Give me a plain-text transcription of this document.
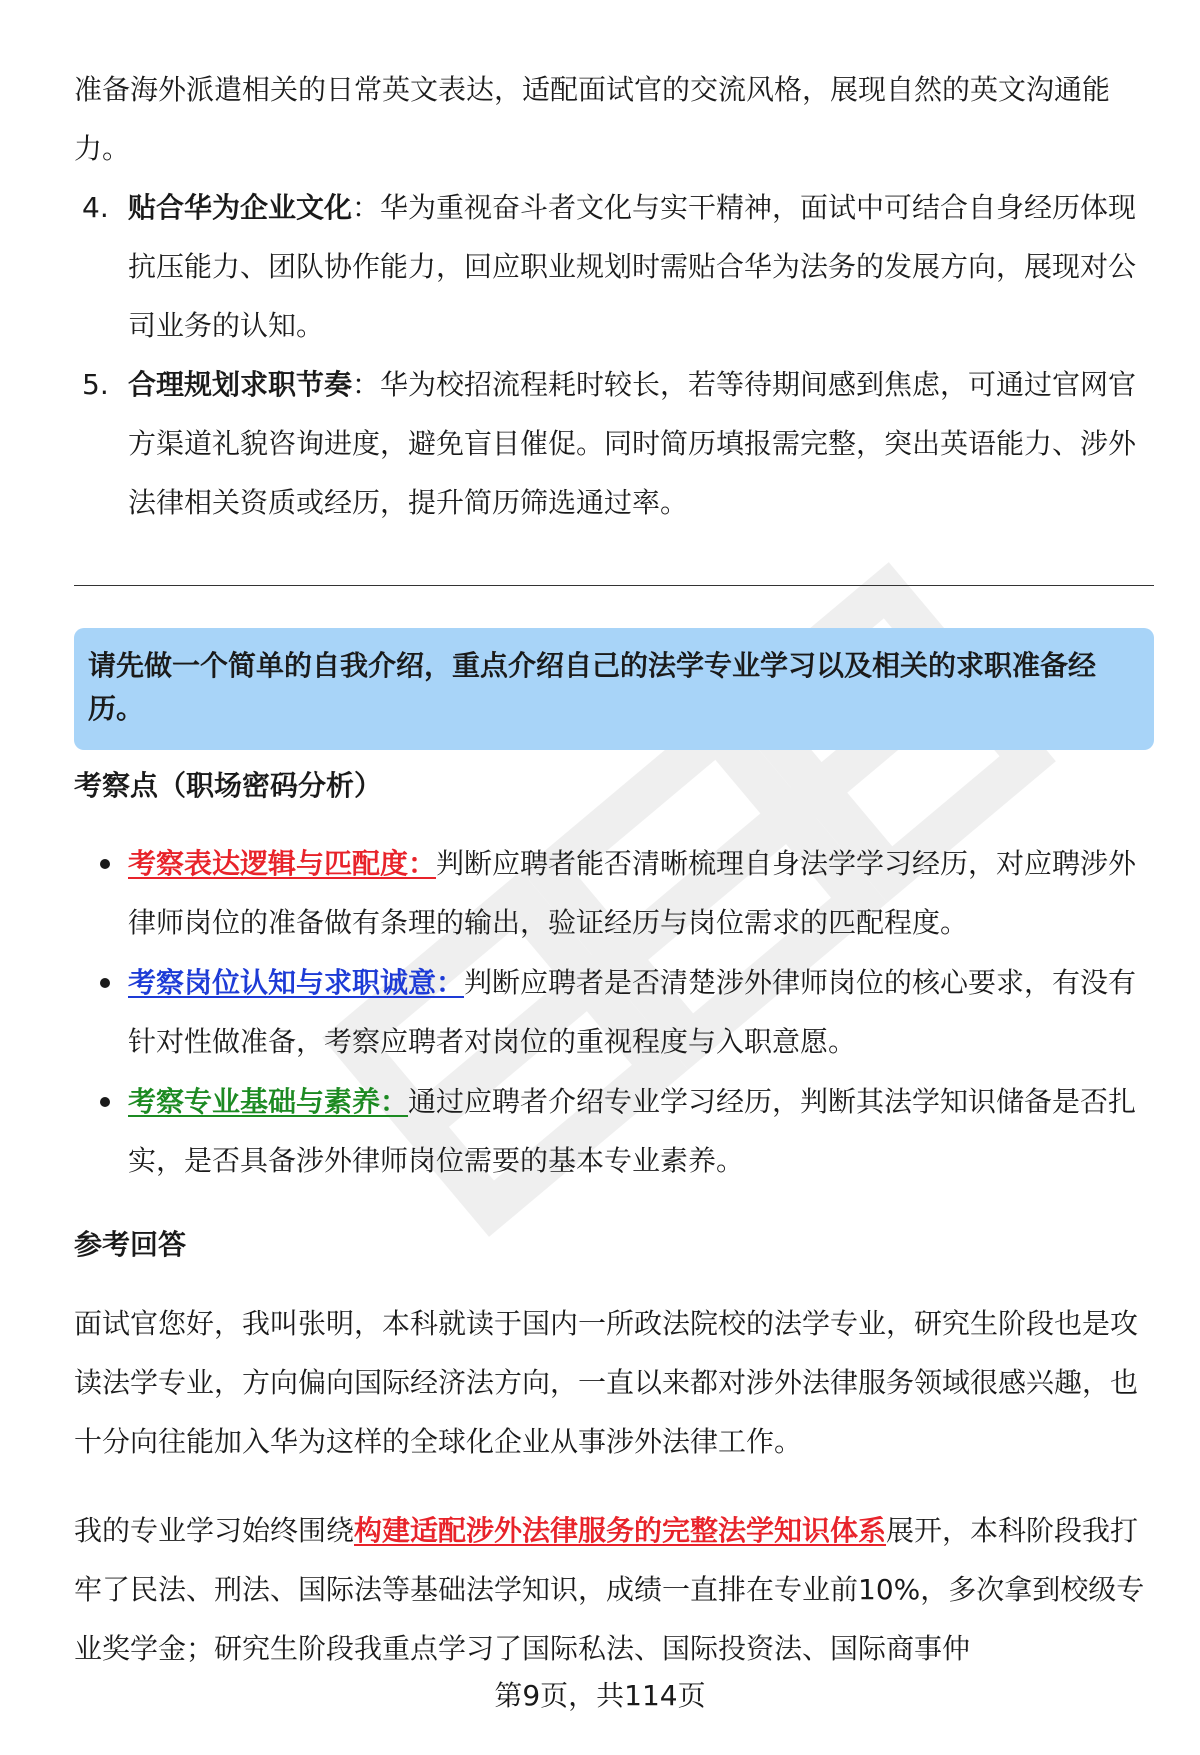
准备海外派遣相关的日常英文表达，适配面试官的交流风格，展现自然的英文沟通能力。

4. 贴合华为企业文化：华为重视奋斗者文化与实干精神，面试中可结合自身经历体现抗压能力、团队协作能力，回应职业规划时需贴合华为法务的发展方向，展现对公司业务的认知。
5. 合理规划求职节奏：华为校招流程耗时较长，若等待期间感到焦虑，可通过官网官方渠道礼貌咨询进度，避免盲目催促。同时简历填报需完整，突出英语能力、涉外法律相关资质或经历，提升简历筛选通过率。
请先做一个简单的自我介绍，重点介绍自己的法学专业学习以及相关的求职准备经历。
考察点（职场密码分析）
考察表达逻辑与匹配度：判断应聘者能否清晰梳理自身法学学习经历，对应聘涉外律师岗位的准备做有条理的输出，验证经历与岗位需求的匹配程度。
考察岗位认知与求职诚意：判断应聘者是否清楚涉外律师岗位的核心要求，有没有针对性做准备，考察应聘者对岗位的重视程度与入职意愿。
考察专业基础与素养：通过应聘者介绍专业学习经历，判断其法学知识储备是否扎实，是否具备涉外律师岗位需要的基本专业素养。
参考回答

面试官您好，我叫张明，本科就读于国内一所政法院校的法学专业，研究生阶段也是攻读法学专业，方向偏向国际经济法方向，一直以来都对涉外法律服务领域很感兴趣，也十分向往能加入华为这样的全球化企业从事涉外法律工作。

我的专业学习始终围绕构建适配涉外法律服务的完整法学知识体系展开，本科阶段我打牢了民法、刑法、国际法等基础法学知识，成绩一直排在专业前10%，多次拿到校级专业奖学金；研究生阶段我重点学习了国际私法、国际投资法、国际商事仲

第9页，共114页
